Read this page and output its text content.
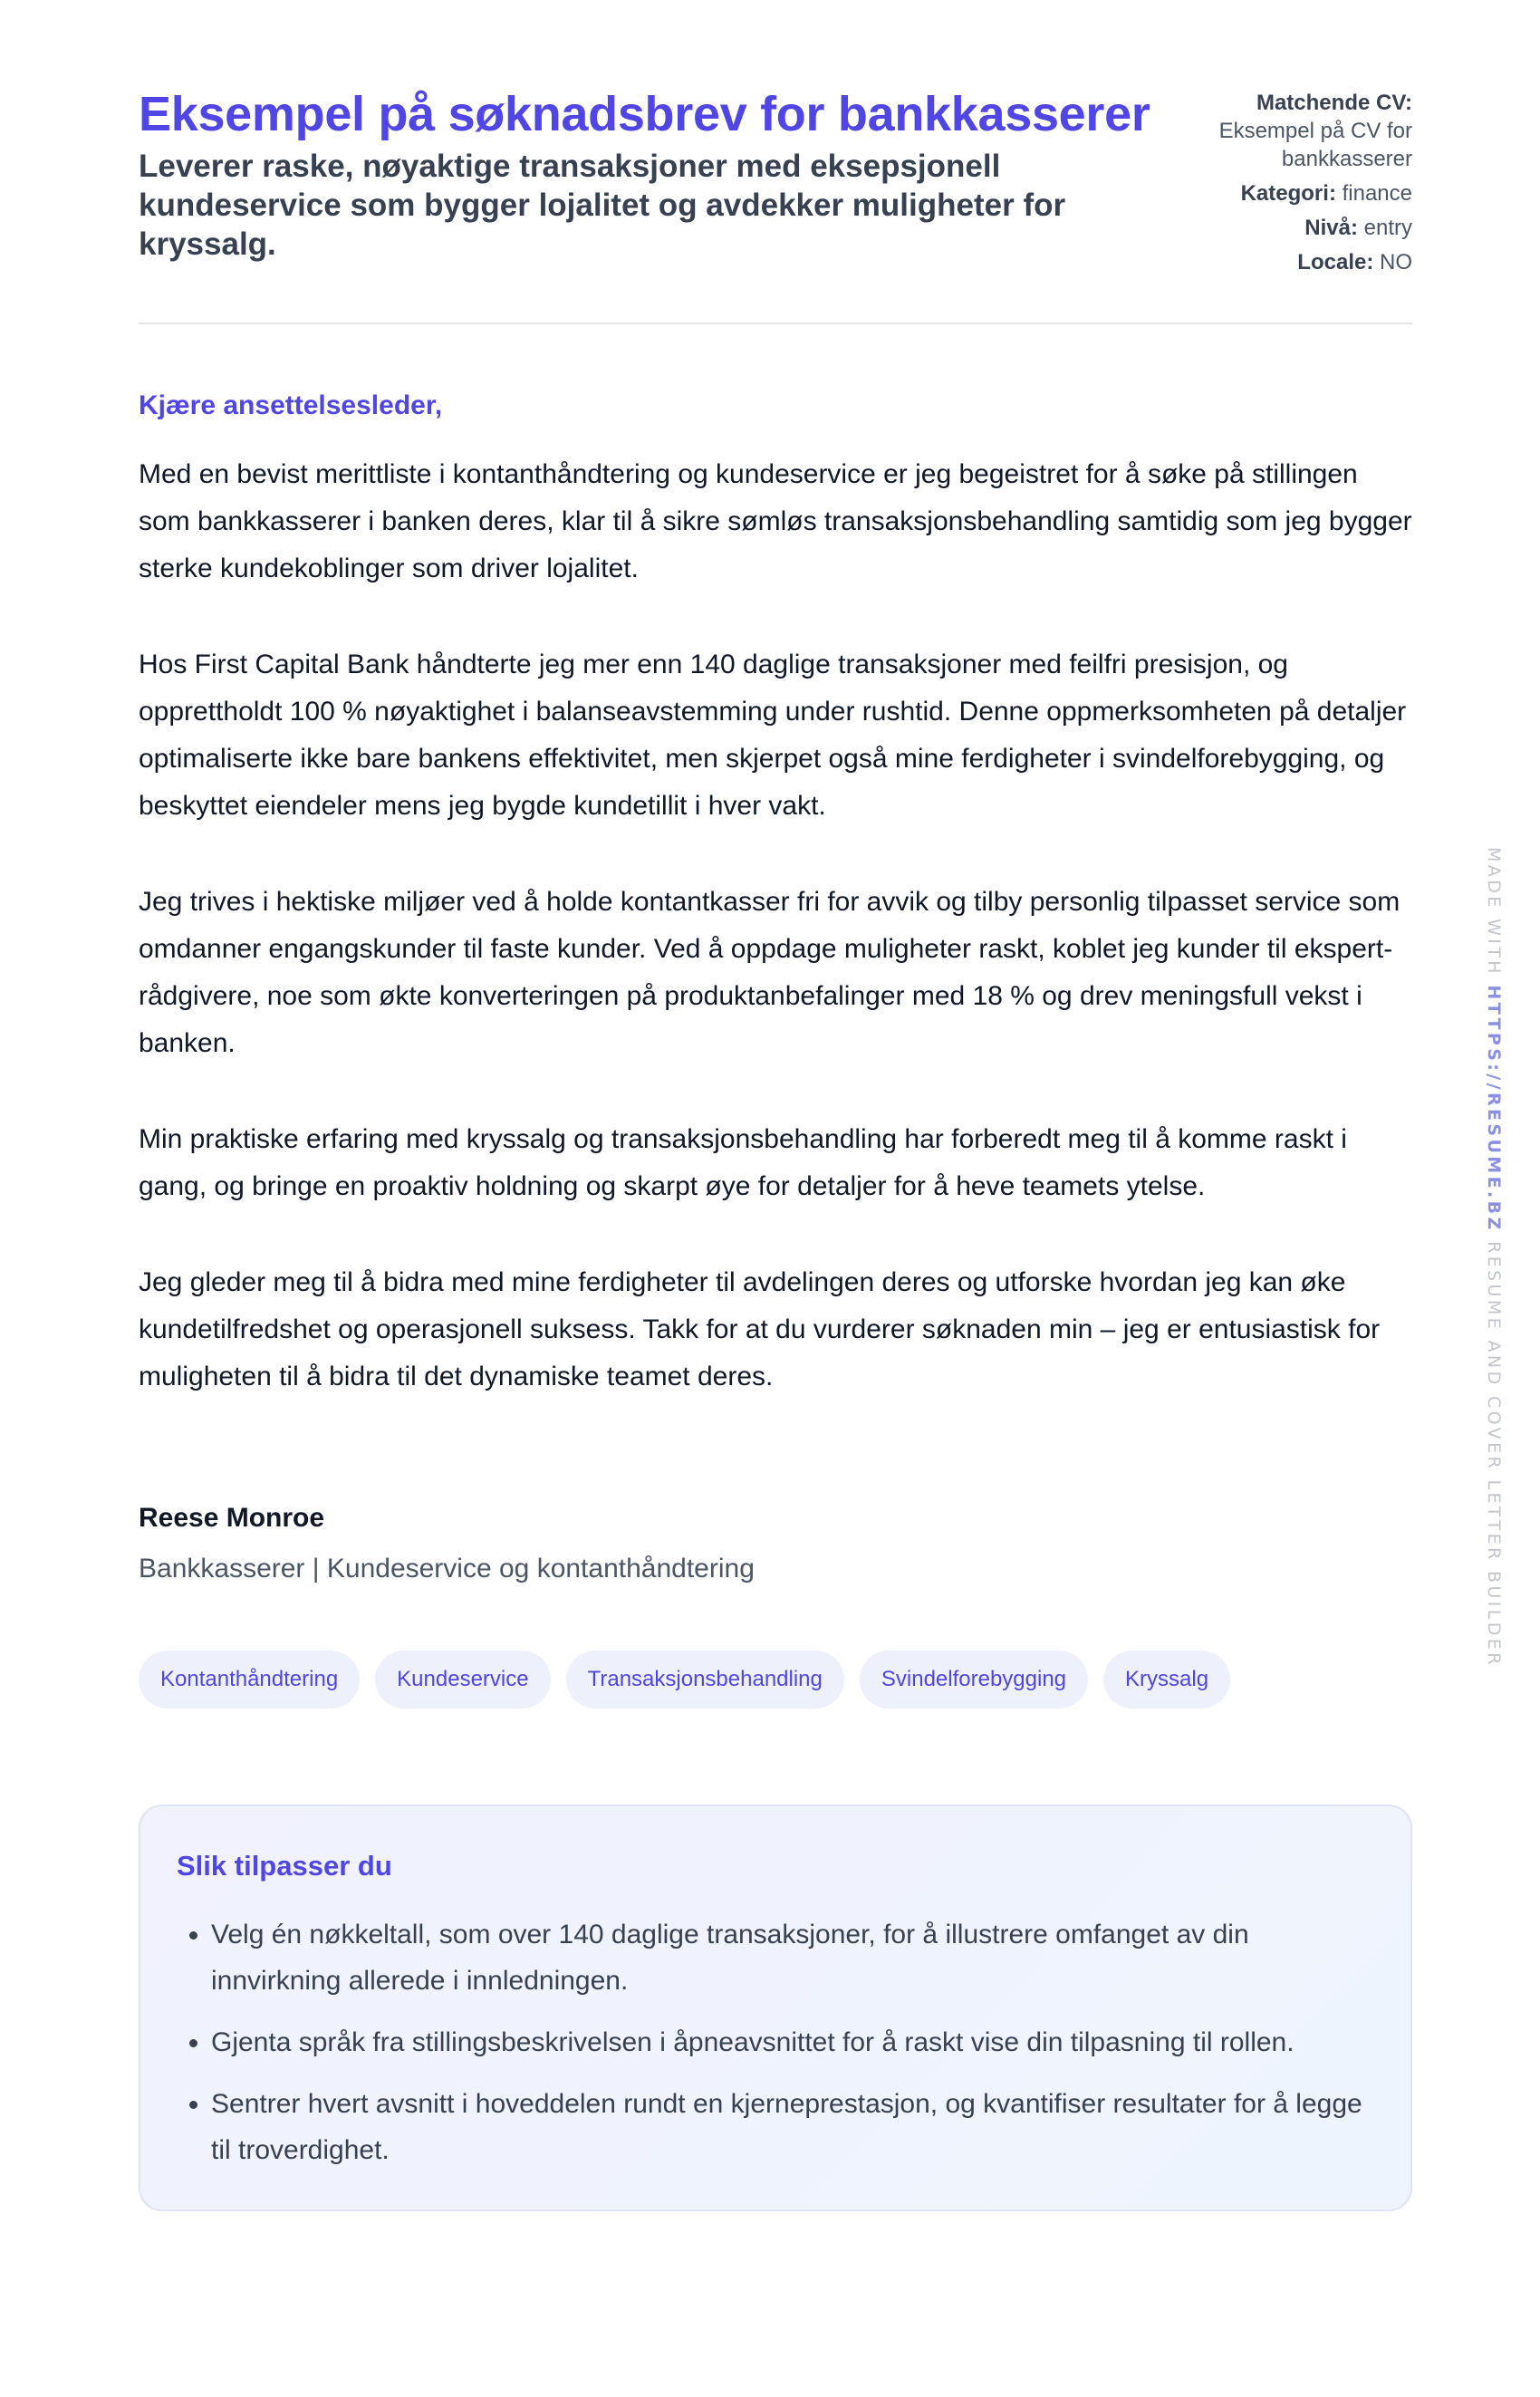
Eksempel på søknadsbrev for bankkasserer
Leverer raske, nøyaktige transaksjoner med eksepsjonell kundeservice som bygger lojalitet og avdekker muligheter for kryssalg.
Matchende CV:
Eksempel på CV for bankkasserer
Kategori: finance
Nivå: entry
Locale: NO
Kjære ansettelsesleder,

Med en bevist merittliste i kontanthåndtering og kundeservice er jeg begeistret for å søke på stillingen som bankkasserer i banken deres, klar til å sikre sømløs transaksjonsbehandling samtidig som jeg bygger sterke kundekoblinger som driver lojalitet.

Hos First Capital Bank håndterte jeg mer enn 140 daglige transaksjoner med feilfri presisjon, og opprettholdt 100 % nøyaktighet i balanseavstemming under rushtid. Denne oppmerksomheten på detaljer optimaliserte ikke bare bankens effektivitet, men skjerpet også mine ferdigheter i svindelforebygging, og beskyttet eiendeler mens jeg bygde kundetillit i hver vakt.

Jeg trives i hektiske miljøer ved å holde kontantkasser fri for avvik og tilby personlig tilpasset service som omdanner engangskunder til faste kunder. Ved å oppdage muligheter raskt, koblet jeg kunder til ekspert-rådgivere, noe som økte konverteringen på produktanbefalinger med 18 % og drev meningsfull vekst i banken.

Min praktiske erfaring med kryssalg og transaksjonsbehandling har forberedt meg til å komme raskt i gang, og bringe en proaktiv holdning og skarpt øye for detaljer for å heve teamets ytelse.

Jeg gleder meg til å bidra med mine ferdigheter til avdelingen deres og utforske hvordan jeg kan øke kundetilfredshet og operasjonell suksess. Takk for at du vurderer søknaden min – jeg er entusiastisk for muligheten til å bidra til det dynamiske teamet deres.

Reese Monroe
Bankkasserer | Kundeservice og kontanthåndtering
Kontanthåndtering	Kundeservice	Transaksjonsbehandling	Svindelforebygging	Kryssalg
Slik tilpasser du
• Velg én nøkkeltall, som over 140 daglige transaksjoner, for å illustrere omfanget av din innvirkning allerede i innledningen.
• Gjenta språk fra stillingsbeskrivelsen i åpneavsnittet for å raskt vise din tilpasning til rollen.
• Sentrer hvert avsnitt i hoveddelen rundt en kjerneprestasjon, og kvantifiser resultater for å legge til troverdighet.
MADE WITH HTTPS://RESUME.BZ RESUME AND COVER LETTER BUILDER
